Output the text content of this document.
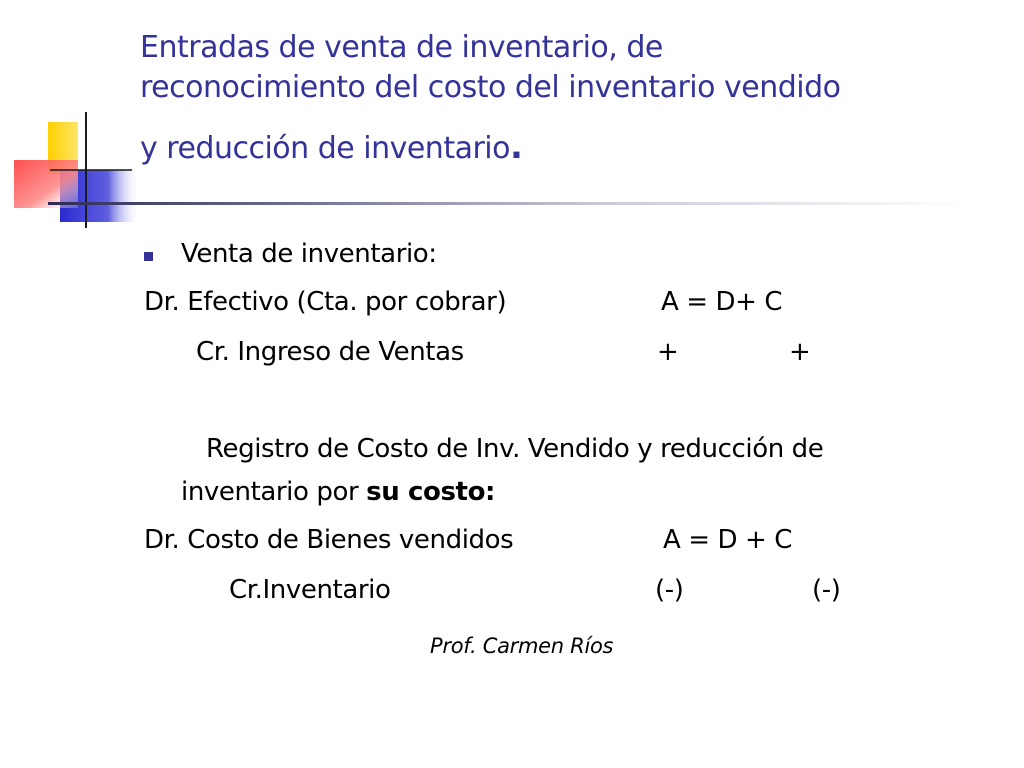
Entradas de venta de inventario, de
reconocimiento del costo del inventario vendido
y reducción de inventario.
Venta de inventario:
Dr. Efectivo (Cta. por cobrar)	A = D+ C
Cr. Ingreso de Ventas	+	+
Registro de Costo de Inv. Vendido y reducción de
inventario por su costo:
Dr. Costo de Bienes vendidos	A = D + C
Cr.Inventario	(-)	(-)
Prof. Carmen Ríos
